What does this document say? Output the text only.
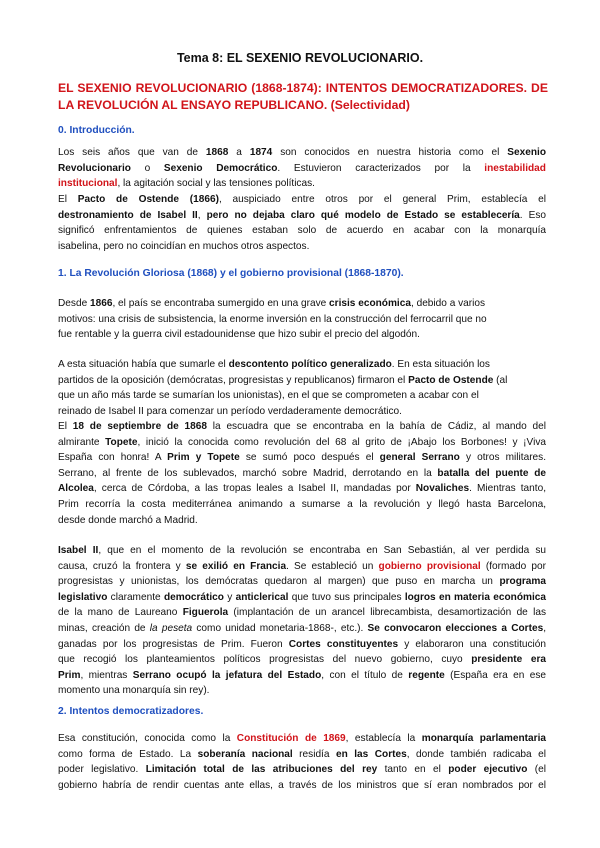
Tema 8: EL SEXENIO REVOLUCIONARIO.
EL SEXENIO REVOLUCIONARIO (1868-1874): INTENTOS DEMOCRATIZADORES. DE
LA REVOLUCIÓN AL ENSAYO REPUBLICANO. (Selectividad)
0. Introducción.
Los seis años que van de 1868 a 1874 son conocidos en nuestra historia como el Sexenio
Revolucionario o Sexenio Democrático. Estuvieron caracterizados por la inestabilidad
institucional, la agitación social y las tensiones políticas.
El Pacto de Ostende (1866), auspiciado entre otros por el general Prim, establecía el
destronamiento de Isabel II, pero no dejaba claro qué modelo de Estado se establecería. Eso
significó enfrentamientos de quienes estaban solo de acuerdo en acabar con la monarquía
isabelina, pero no coincidían en muchos otros aspectos.
1. La Revolución Gloriosa (1868) y el gobierno provisional (1868-1870).
Desde 1866, el país se encontraba sumergido en una grave crisis económica, debido a varios
motivos: una crisis de subsistencia, la enorme inversión en la construcción del ferrocarril que no
fue rentable y la guerra civil estadounidense que hizo subir el precio del algodón.
A esta situación había que sumarle el descontento político generalizado. En esta situación los
partidos de la oposición (demócratas, progresistas y republicanos) firmaron el Pacto de Ostende (al
que un año más tarde se sumarían los unionistas), en el que se comprometen a acabar con el
reinado de Isabel II para comenzar un período verdaderamente democrático.
El 18 de septiembre de 1868 la escuadra que se encontraba en la bahía de Cádiz, al mando del
almirante Topete, inició la conocida como revolución del 68 al grito de ¡Abajo los Borbones! y ¡Viva
España con honra! A Prim y Topete se sumó poco después el general Serrano y otros militares.
Serrano, al frente de los sublevados, marchó sobre Madrid, derrotando en la batalla del puente de
Alcolea, cerca de Córdoba, a las tropas leales a Isabel II, mandadas por Novaliches. Mientras tanto,
Prim recorría la costa mediterránea animando a sumarse a la revolución y llegó hasta Barcelona,
desde donde marchó a Madrid.
Isabel II, que en el momento de la revolución se encontraba en San Sebastián, al ver perdida su
causa, cruzó la frontera y se exilió en Francia. Se estableció un gobierno provisional (formado por
progresistas y unionistas, los demócratas quedaron al margen) que puso en marcha un programa
legislativo claramente democrático y anticlerical que tuvo sus principales logros en materia económica
de la mano de Laureano Figuerola (implantación de un arancel librecambista, desamortización de las
minas, creación de la peseta como unidad monetaria-1868-, etc.). Se convocaron elecciones a Cortes,
ganadas por los progresistas de Prim. Fueron Cortes constituyentes y elaboraron una constitución
que recogió los planteamientos políticos progresistas del nuevo gobierno, cuyo presidente era
Prim, mientras Serrano ocupó la jefatura del Estado, con el título de regente (España era en ese
momento una monarquía sin rey).
2. Intentos democratizadores.
Esa constitución, conocida como la Constitución de 1869, establecía la monarquía parlamentaria
como forma de Estado. La soberanía nacional residía en las Cortes, donde también radicaba el
poder legislativo. Limitación total de las atribuciones del rey tanto en el poder ejecutivo (el
gobierno habría de rendir cuentas ante ellas, a través de los ministros que sí eran nombrados por el
